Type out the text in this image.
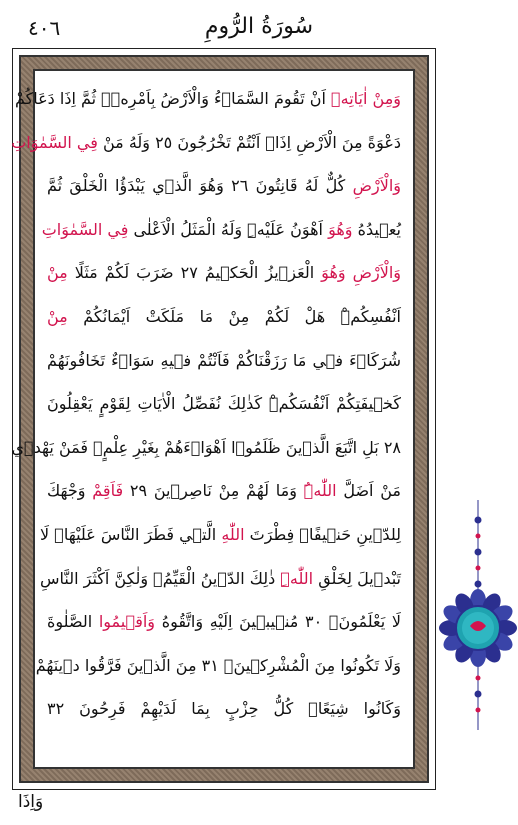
٤٠٦	سُورَةُ الرُّومِ
وَمِنْ اٰيَاتِهٖ اَنْ تَقُومَ السَّمَاۤءُ وَالْاَرْضُ بِاَمْرِهٖۜ ثُمَّ اِذَا دَعَاكُمْ
دَعْوَةً مِنَ الْاَرْضِ اِذَاۤ اَنْتُمْ تَخْرُجُونَ ٢٥ وَلَهُ مَنْ فِي السَّمٰوَاتِ
وَالْاَرْضِ كُلٌّ لَهُ قَانِتُونَ ٢٦ وَهُوَ الَّذ۪ي يَبْدَؤُا الْخَلْقَ ثُمَّ
يُع۪يدُهُ وَهُوَ اَهْوَنُ عَلَيْهِۜ وَلَهُ الْمَثَلُ الْاَعْلٰى فِي السَّمٰوَاتِ
وَالْاَرْضِ وَهُوَ الْعَز۪يزُ الْحَك۪يمُ ٢٧ ضَرَبَ لَكُمْ مَثَلًا مِنْ
اَنْفُسِكُمْۜ هَلْ لَكُمْ مِنْ مَا مَلَكَتْ اَيْمَانُكُمْ مِنْ
شُرَكَاۤءَ ف۪ي مَا رَزَقْنَاكُمْ فَاَنْتُمْ ف۪يهِ سَوَاۤءٌ تَخَافُونَهُمْ
كَخ۪يفَتِكُمْ اَنْفُسَكُمْۜ كَذٰلِكَ نُفَصِّلُ الْاٰيَاتِ لِقَوْمٍ يَعْقِلُونَ
٢٨ بَلِ اتَّبَعَ الَّذ۪ينَ ظَلَمُوۤا اَهْوَاۤءَهُمْ بِغَيْرِ عِلْمٍۚ فَمَنْ يَهْد۪ي
مَنْ اَضَلَّ اللّٰهُۜ وَمَا لَهُمْ مِنْ نَاصِر۪ينَ ٢٩ فَاَقِمْ وَجْهَكَ
لِلدّ۪ينِ حَن۪يفًاۜ فِطْرَتَ اللّٰهِ الَّت۪ي فَطَرَ النَّاسَ عَلَيْهَاۜ لَا
تَبْد۪يلَ لِخَلْقِ اللّٰهِۜ ذٰلِكَ الدّ۪ينُ الْقَيِّمُۙ وَلٰكِنَّ اَكْثَرَ النَّاسِ
لَا يَعْلَمُونَۗ ٣٠ مُن۪يب۪ينَ اِلَيْهِ وَاتَّقُوهُ وَاَق۪يمُوا الصَّلٰوةَ
وَلَا تَكُونُوا مِنَ الْمُشْرِك۪ينَۙ ٣١ مِنَ الَّذ۪ينَ فَرَّقُوا د۪ينَهُمْ
وَكَانُوا شِيَعًاۜ كُلُّ حِزْبٍ بِمَا لَدَيْهِمْ فَرِحُونَ ٣٢
وَاِذَا
